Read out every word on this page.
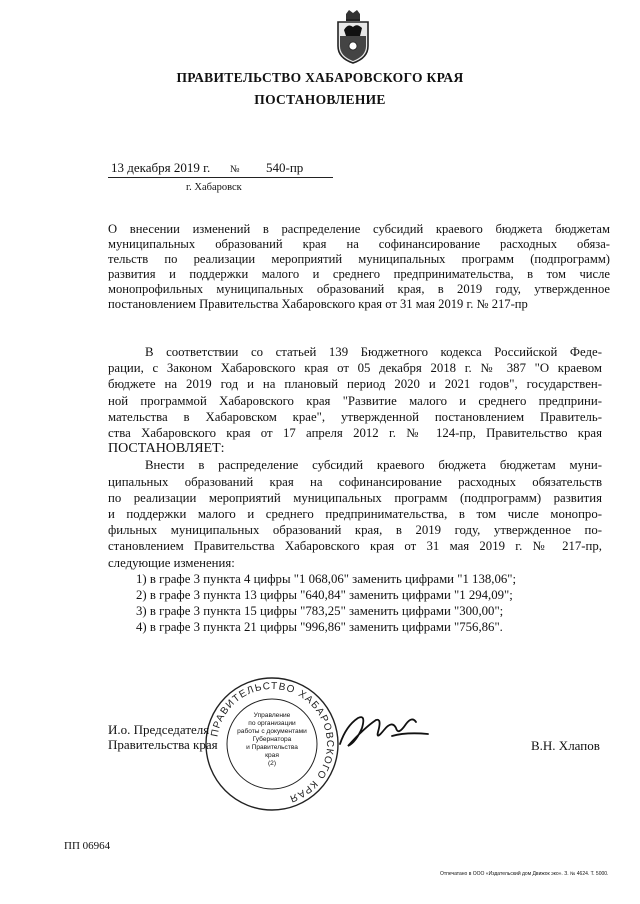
ПРАВИТЕЛЬСТВО ХАБАРОВСКОГО КРАЯ
ПОСТАНОВЛЕНИЕ
13 декабря 2019 г. № 540-пр
г. Хабаровск
О внесении изменений в распределение субсидий краевого бюджета бюджетам
муниципальных образований края на софинансирование расходных обяза-
тельств по реализации мероприятий муниципальных программ (подпрограмм)
развития и поддержки малого и среднего предпринимательства, в том числе
монопрофильных муниципальных образований края, в 2019 году, утвержденное
постановлением Правительства Хабаровского края от 31 мая 2019 г. № 217-пр
В соответствии со статьей 139 Бюджетного кодекса Российской Феде-
рации, с Законом Хабаровского края от 05 декабря 2018 г. № 387 "О краевом
бюджете на 2019 год и на плановый период 2020 и 2021 годов", государствен-
ной программой Хабаровского края "Развитие малого и среднего предприни-
мательства в Хабаровском крае", утвержденной постановлением Правитель-
ства Хабаровского края от 17 апреля 2012 г. № 124-пр, Правительство края
ПОСТАНОВЛЯЕТ:
Внести в распределение субсидий краевого бюджета бюджетам муни-
ципальных образований края на софинансирование расходных обязательств
по реализации мероприятий муниципальных программ (подпрограмм) развития
и поддержки малого и среднего предпринимательства, в том числе монопро-
фильных муниципальных образований края, в 2019 году, утвержденное по-
становлением Правительства Хабаровского края от 31 мая 2019 г. № 217-пр,
следующие изменения:
1) в графе 3 пункта 4 цифры "1 068,06" заменить цифрами "1 138,06";
2) в графе 3 пункта 13 цифры "640,84" заменить цифрами "1 294,09";
3) в графе 3 пункта 15 цифры "783,25" заменить цифрами "300,00";
4) в графе 3 пункта 21 цифры "996,86" заменить цифрами "756,86".
ПРАВИТЕЛЬСТВО ХАБАРОВСКОГО КРАЯ
Управление
по организации
работы с документами
Губернатора
и Правительства
края
(2)
И.о. Председателя
Правительства края	В.Н. Хлапов
ПП 06964
Отпечатано в ООО «Издательский дом Движок эко». З. № 4624. Т. 5000.
